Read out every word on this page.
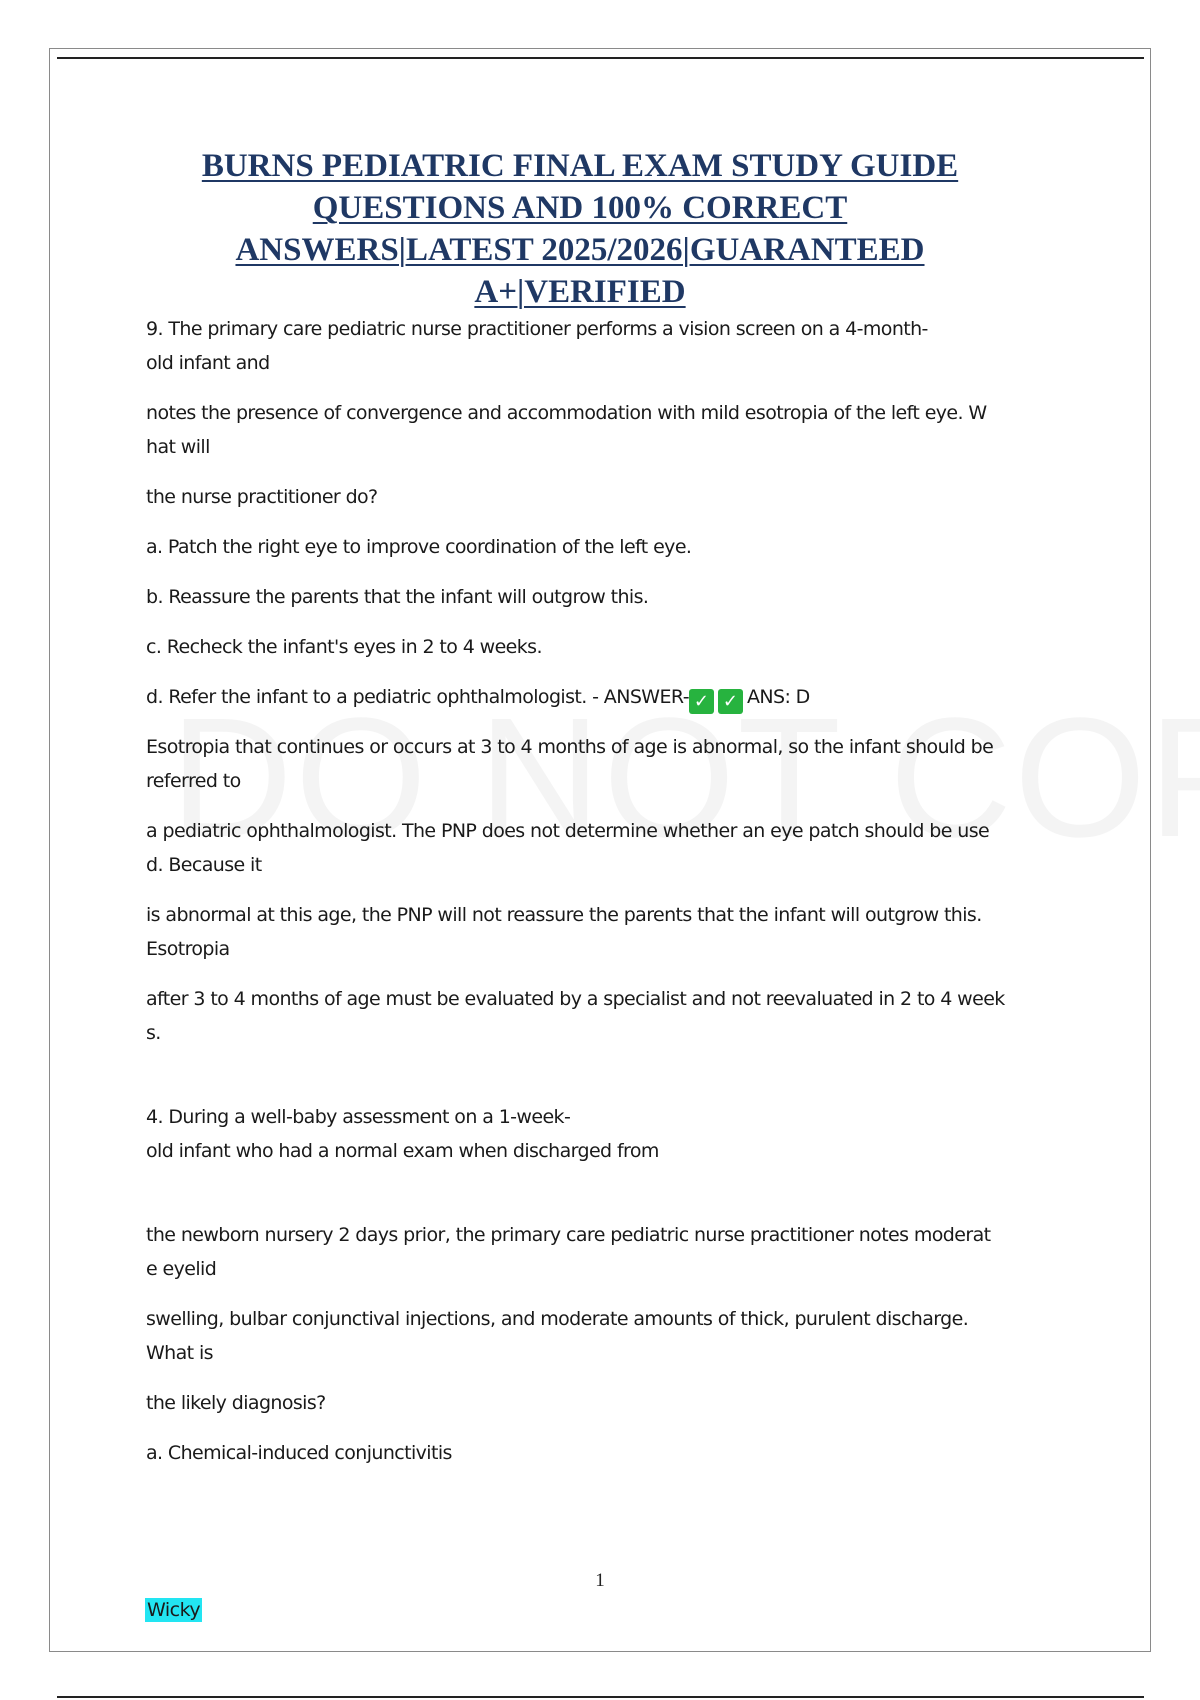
BURNS PEDIATRIC FINAL EXAM STUDY GUIDE
QUESTIONS AND 100% CORRECT
ANSWERS|LATEST 2025/2026|GUARANTEED
A+|VERIFIED

9. The primary care pediatric nurse practitioner performs a vision screen on a 4-month-
old infant and

notes the presence of convergence and accommodation with mild esotropia of the left eye. W
hat will

the nurse practitioner do?

a. Patch the right eye to improve coordination of the left eye.

b. Reassure the parents that the infant will outgrow this.

c. Recheck the infant's eyes in 2 to 4 weeks.

d. Refer the infant to a pediatric ophthalmologist. - ANSWER- ✓ ✓ ANS: D

Esotropia that continues or occurs at 3 to 4 months of age is abnormal, so the infant should be
referred to

a pediatric ophthalmologist. The PNP does not determine whether an eye patch should be use
d. Because it

is abnormal at this age, the PNP will not reassure the parents that the infant will outgrow this.
Esotropia

after 3 to 4 months of age must be evaluated by a specialist and not reevaluated in 2 to 4 week
s.

4. During a well-baby assessment on a 1-week-
old infant who had a normal exam when discharged from

the newborn nursery 2 days prior, the primary care pediatric nurse practitioner notes moderat
e eyelid

swelling, bulbar conjunctival injections, and moderate amounts of thick, purulent discharge.
What is

the likely diagnosis?

a. Chemical-induced conjunctivitis

1
Wicky
